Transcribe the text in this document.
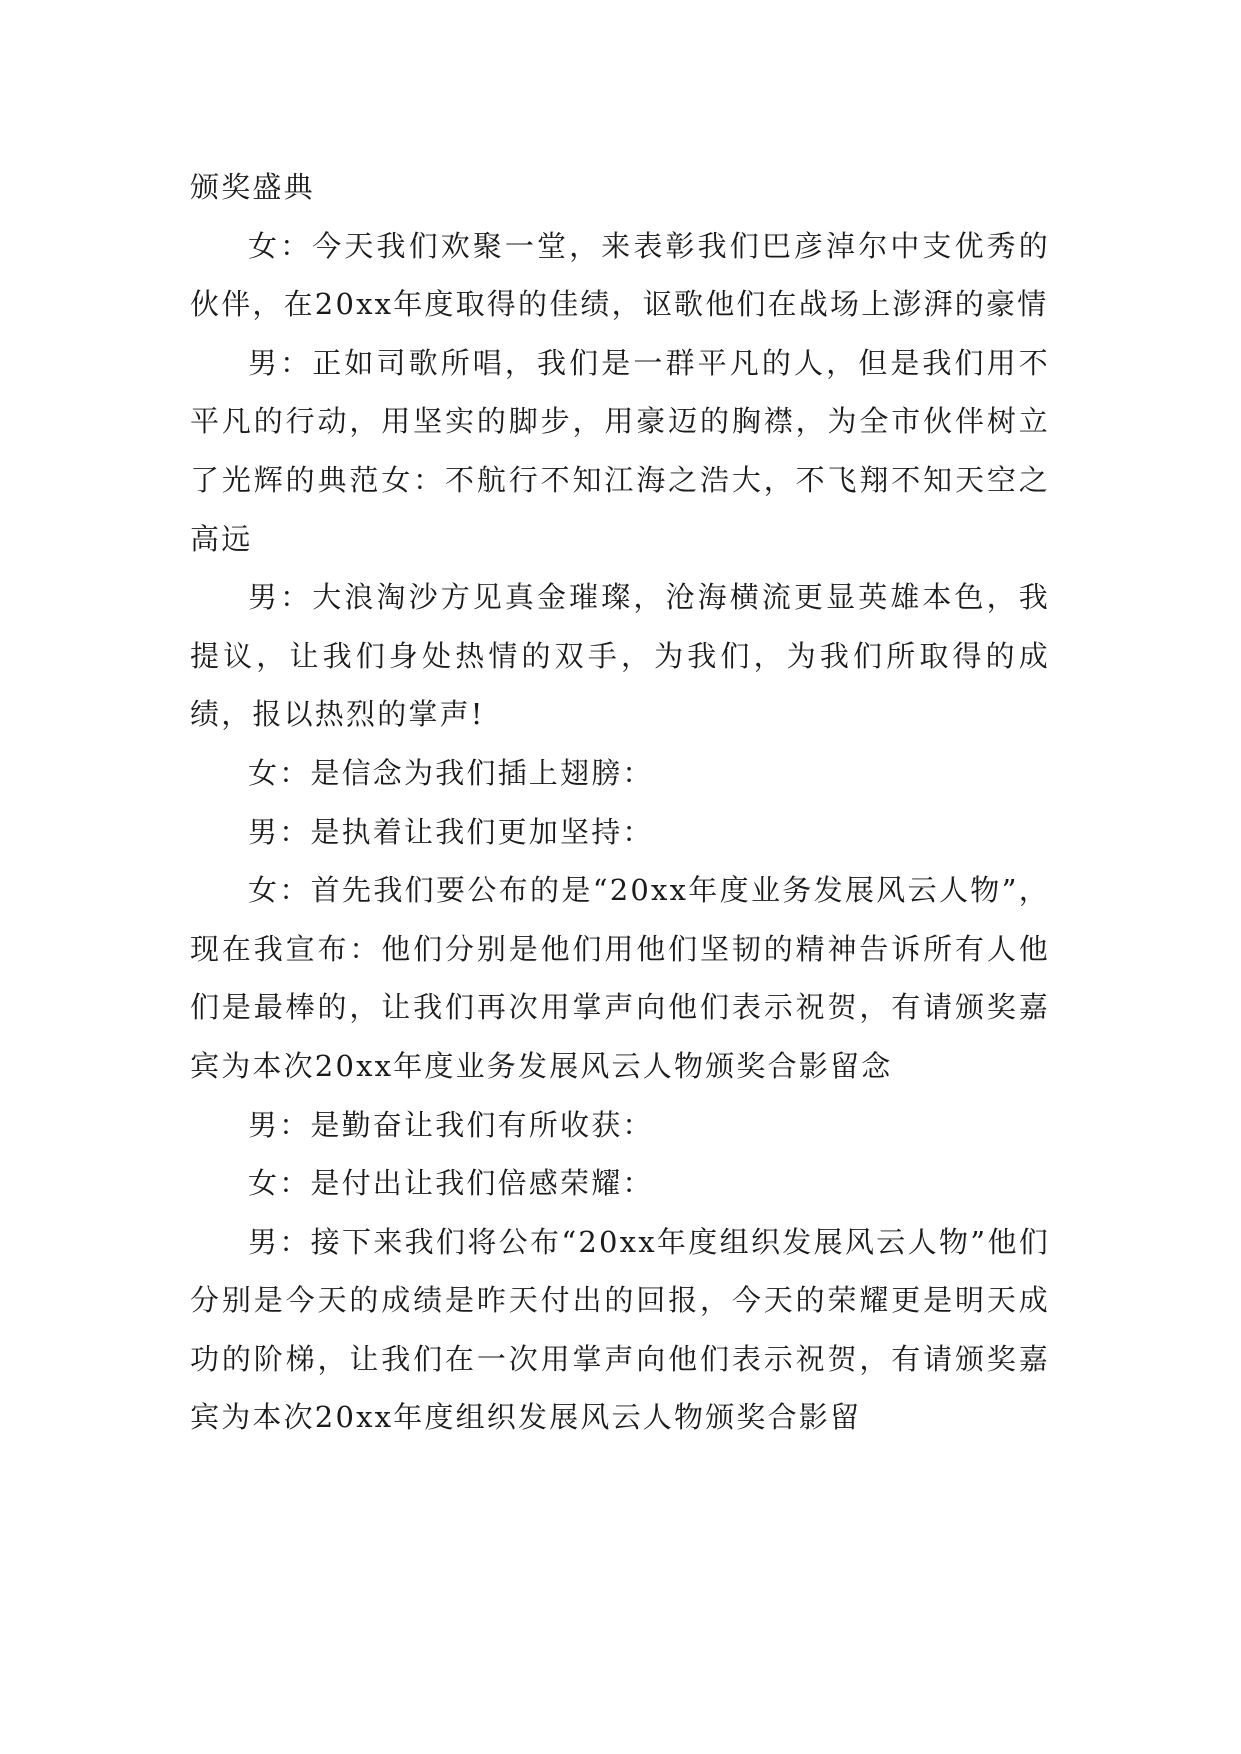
颁奖盛典

女：今天我们欢聚一堂，来表彰我们巴彦淖尔中支优秀的伙伴，在20xx年度取得的佳绩，讴歌他们在战场上澎湃的豪情

男：正如司歌所唱，我们是一群平凡的人，但是我们用不平凡的行动，用坚实的脚步，用豪迈的胸襟，为全市伙伴树立了光辉的典范女：不航行不知江海之浩大，不飞翔不知天空之高远

男：大浪淘沙方见真金璀璨，沧海横流更显英雄本色，我提议，让我们身处热情的双手，为我们，为我们所取得的成绩，报以热烈的掌声!

女：是信念为我们插上翅膀：

男：是执着让我们更加坚持：

女：首先我们要公布的是“20xx年度业务发展风云人物”，现在我宣布：他们分别是他们用他们坚韧的精神告诉所有人他们是最棒的，让我们再次用掌声向他们表示祝贺，有请颁奖嘉宾为本次20xx年度业务发展风云人物颁奖合影留念

男：是勤奋让我们有所收获：

女：是付出让我们倍感荣耀：

男：接下来我们将公布“20xx年度组织发展风云人物”他们分别是今天的成绩是昨天付出的回报，今天的荣耀更是明天成功的阶梯，让我们在一次用掌声向他们表示祝贺，有请颁奖嘉宾为本次20xx年度组织发展风云人物颁奖合影留
